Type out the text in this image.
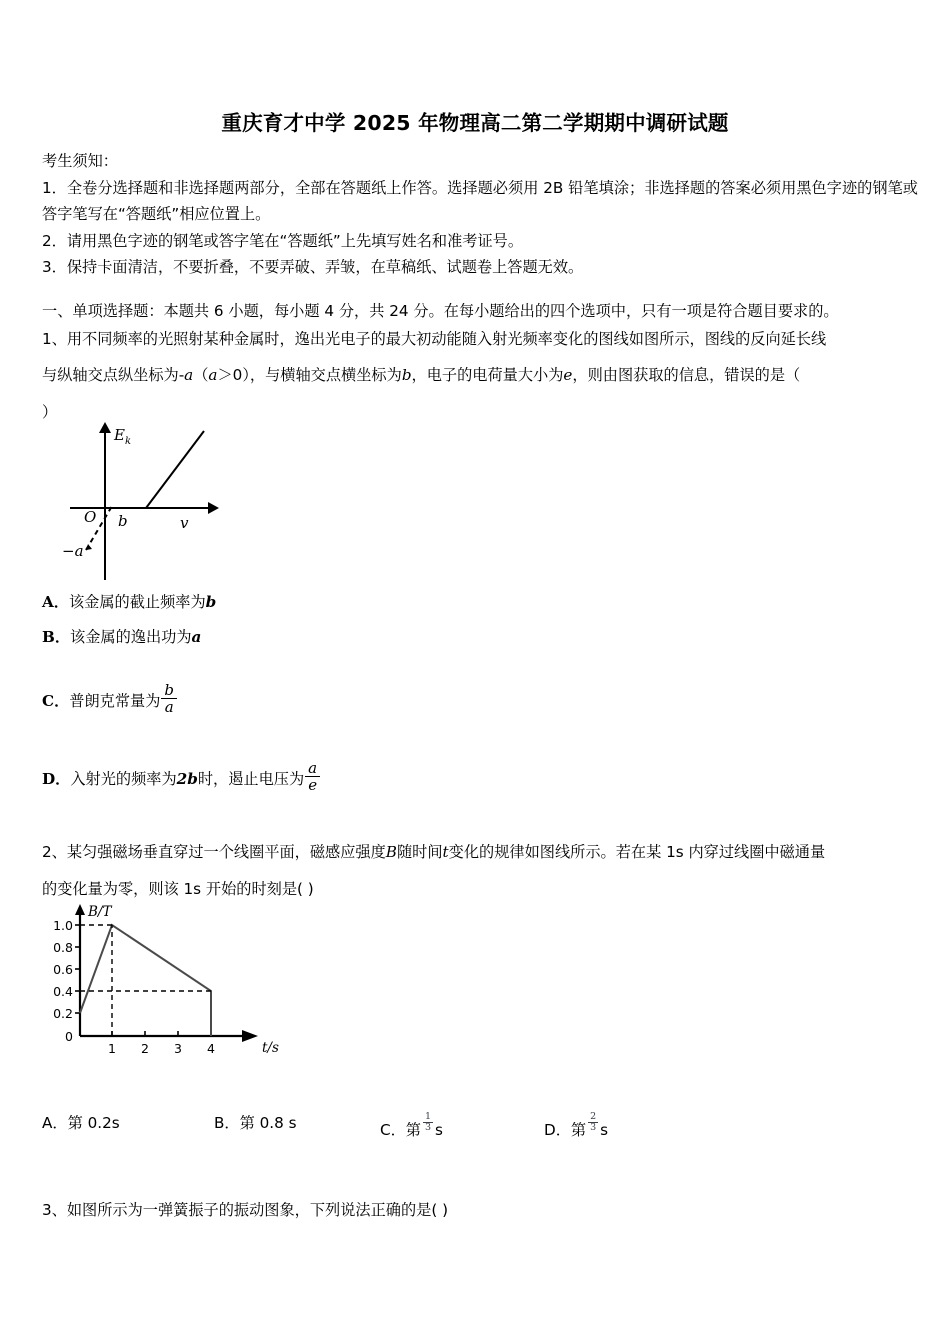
重庆育才中学 2025 年物理高二第二学期期中调研试题
考生须知：
1．全卷分选择题和非选择题两部分，全部在答题纸上作答。选择题必须用 2B 铅笔填涂；非选择题的答案必须用黑色字迹的钢笔或答字笔写在“答题纸”相应位置上。
2．请用黑色字迹的钢笔或答字笔在“答题纸”上先填写姓名和准考证号。
3．保持卡面清洁，不要折叠，不要弄破、弄皱，在草稿纸、试题卷上答题无效。
一、单项选择题：本题共 6 小题，每小题 4 分，共 24 分。在每小题给出的四个选项中，只有一项是符合题目要求的。
1、用不同频率的光照射某种金属时，逸出光电子的最大初动能随入射光频率变化的图线如图所示，图线的反向延长线
与纵轴交点纵坐标为-a（a＞0），与横轴交点横坐标为b，电子的电荷量大小为e，则由图获取的信息，错误的是（
）
$E_k$
O b	v
−a
A．该金属的截止频率为b
B．该金属的逸出功为a
C．普朗克常量为 $\frac{b}{a}$
D．入射光的频率为2b时，遏止电压为 $\frac{a}{e}$
2、某匀强磁场垂直穿过一个线圈平面，磁感应强度B随时间t变化的规律如图线所示。若在某 1s 内穿过线圈中磁通量
的变化量为零，则该 1s 开始的时刻是( )
1.0
0.8
0.6
0.4
0.2
0
1 2 3 4
B/T
t/s
A．第 0.2s	B．第 0.8 s	C．第 $\frac{1}{3}$ s	D．第 $\frac{2}{3}$ s
3、如图所示为一弹簧振子的振动图象，下列说法正确的是( )
